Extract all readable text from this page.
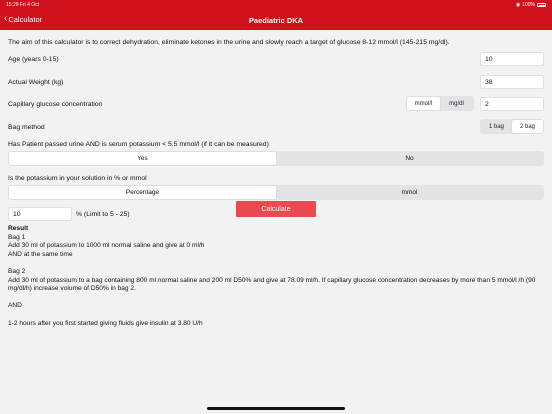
15:29 Fri 4 Oct	◉ 100%
‹ Calculator	Paediatric DKA
The aim of this calculator is to correct dehydration, eliminate ketones in the urine and slowly reach a target of glucose 8-12 mmol/l (145-215 mg/dl).
Age (years 0-15)	10
Actual Weight (kg)	38
Capillary glucose concentration	mmol/l	mg/dl	2
Bag method	1 bag	2 bag
Has Patient passed urine AND is serum potassium < 5.5 mmol/l (if it can be measured)
Yes	No
Is the potassium in your solution in % or mmol
Percentage	mmol
10	% (Limit to 5 - 25)
Calculate
Result
Bag 1
Add 30 ml of potassium to 1000 ml normal saline and give at 0 ml/h
AND at the same time
Bag 2
Add 30 ml of potassium to a bag containing 800 ml normal saline and 200 ml D50% and give at 78.09 ml/h. If capillary glucose concentration decreases by more than 5 mmol/l /h (90 mg/dl/h) increase volume of D50% in bag 2.
AND
1-2 hours after you first started giving fluids give insulin at 3.80 U/h
